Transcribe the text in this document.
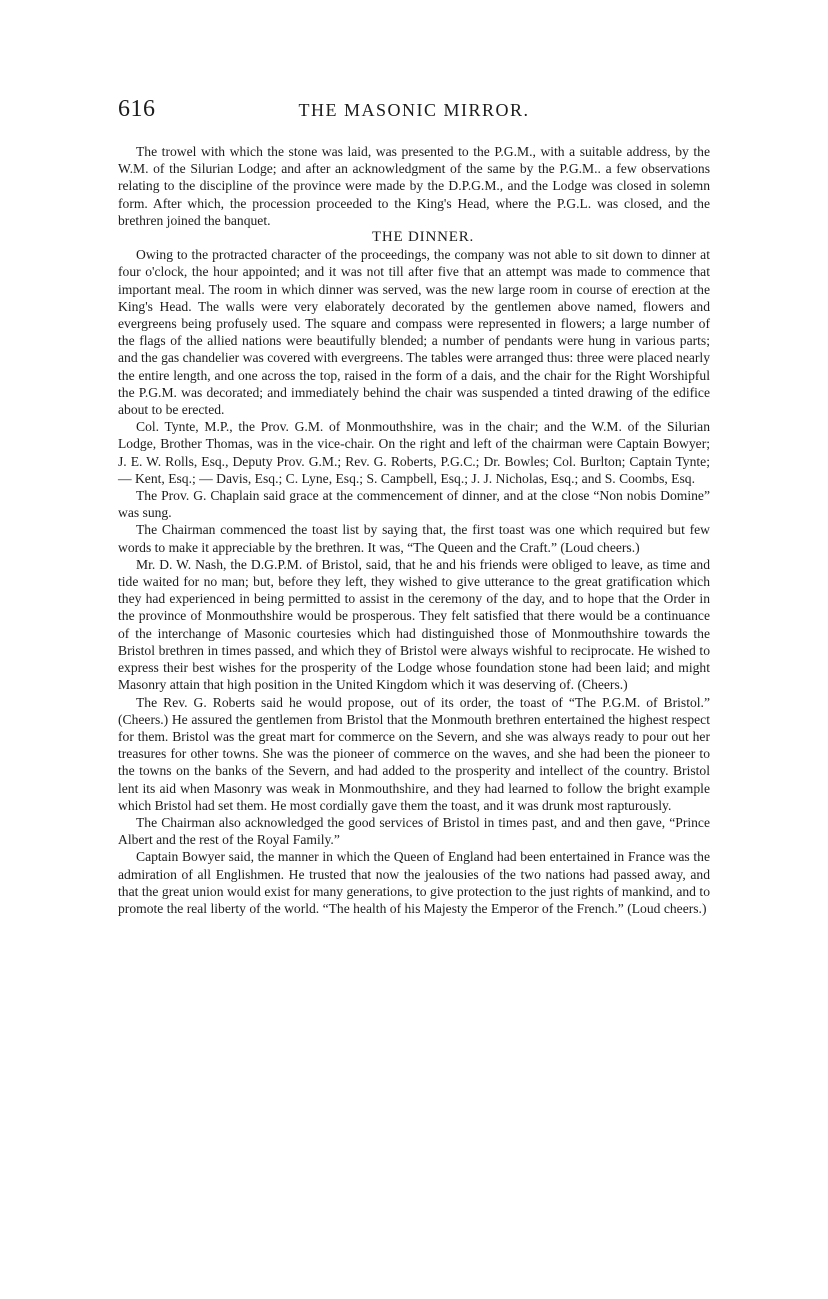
616	THE MASONIC MIRROR.

The trowel with which the stone was laid, was presented to the P.G.M., with a suitable address, by the W.M. of the Silurian Lodge; and after an acknowledgment of the same by the P.G.M.. a few observations relating to the discipline of the province were made by the D.P.G.M., and the Lodge was closed in solemn form. After which, the procession proceeded to the King's Head, where the P.G.L. was closed, and the brethren joined the banquet.

THE DINNER.

Owing to the protracted character of the proceedings, the company was not able to sit down to dinner at four o'clock, the hour appointed; and it was not till after five that an attempt was made to commence that important meal. The room in which dinner was served, was the new large room in course of erection at the King's Head. The walls were very elaborately decorated by the gentlemen above named, flowers and evergreens being profusely used. The square and compass were represented in flowers; a large number of the flags of the allied nations were beautifully blended; a number of pendants were hung in various parts; and the gas chandelier was covered with evergreens. The tables were arranged thus: three were placed nearly the entire length, and one across the top, raised in the form of a dais, and the chair for the Right Worshipful the P.G.M. was decorated; and immediately behind the chair was suspended a tinted drawing of the edifice about to be erected.

Col. Tynte, M.P., the Prov. G.M. of Monmouthshire, was in the chair; and the W.M. of the Silurian Lodge, Brother Thomas, was in the vice-chair. On the right and left of the chairman were Captain Bowyer; J. E. W. Rolls, Esq., Deputy Prov. G.M.; Rev. G. Roberts, P.G.C.; Dr. Bowles; Col. Burlton; Captain Tynte; — Kent, Esq.; — Davis, Esq.; C. Lyne, Esq.; S. Campbell, Esq.; J. J. Nicholas, Esq.; and S. Coombs, Esq.

The Prov. G. Chaplain said grace at the commencement of dinner, and at the close “Non nobis Domine” was sung.

The Chairman commenced the toast list by saying that, the first toast was one which required but few words to make it appreciable by the brethren. It was, “The Queen and the Craft.” (Loud cheers.)

Mr. D. W. Nash, the D.G.P.M. of Bristol, said, that he and his friends were obliged to leave, as time and tide waited for no man; but, before they left, they wished to give utterance to the great gratification which they had experienced in being permitted to assist in the ceremony of the day, and to hope that the Order in the province of Monmouthshire would be prosperous. They felt satisfied that there would be a continuance of the interchange of Masonic courtesies which had distinguished those of Monmouthshire towards the Bristol brethren in times passed, and which they of Bristol were always wishful to reciprocate. He wished to express their best wishes for the prosperity of the Lodge whose foundation stone had been laid; and might Masonry attain that high position in the United Kingdom which it was deserving of. (Cheers.)

The Rev. G. Roberts said he would propose, out of its order, the toast of “The P.G.M. of Bristol.” (Cheers.) He assured the gentlemen from Bristol that the Monmouth brethren entertained the highest respect for them. Bristol was the great mart for commerce on the Severn, and she was always ready to pour out her treasures for other towns. She was the pioneer of commerce on the waves, and she had been the pioneer to the towns on the banks of the Severn, and had added to the prosperity and intellect of the country. Bristol lent its aid when Masonry was weak in Monmouthshire, and they had learned to follow the bright example which Bristol had set them. He most cordially gave them the toast, and it was drunk most rapturously.

The Chairman also acknowledged the good services of Bristol in times past, and and then gave, “Prince Albert and the rest of the Royal Family.”

Captain Bowyer said, the manner in which the Queen of England had been entertained in France was the admiration of all Englishmen. He trusted that now the jealousies of the two nations had passed away, and that the great union would exist for many generations, to give protection to the just rights of mankind, and to promote the real liberty of the world. “The health of his Majesty the Emperor of the French.” (Loud cheers.)
